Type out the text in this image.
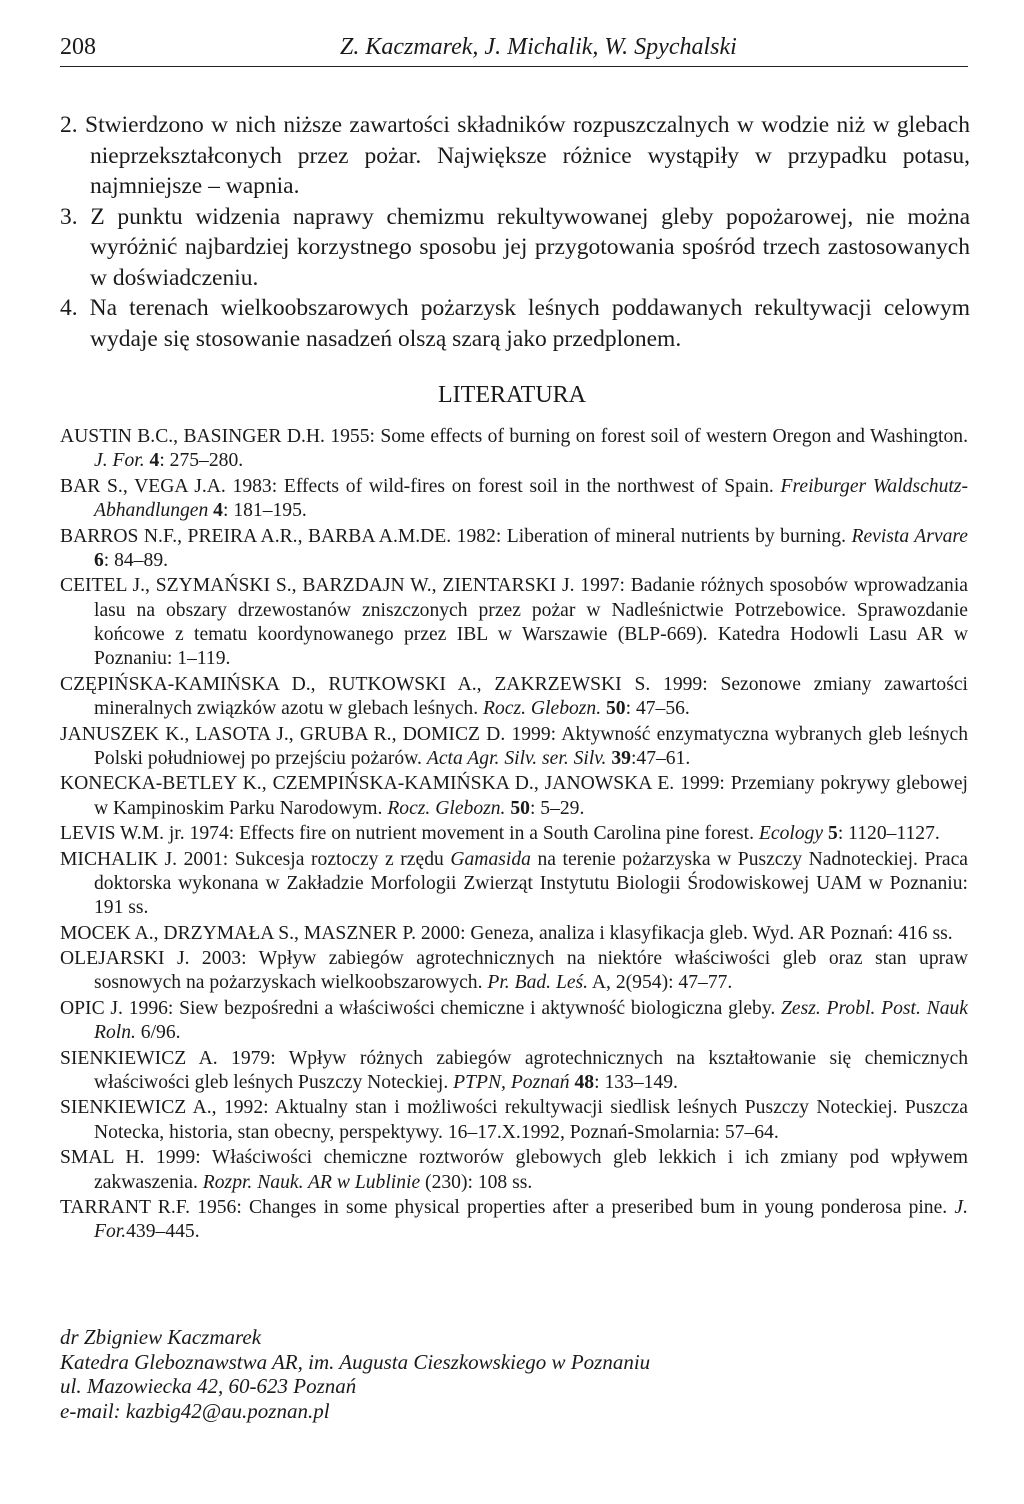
208	Z. Kaczmarek, J. Michalik, W. Spychalski

2. Stwierdzono w nich niższe zawartości składników rozpuszczalnych w wodzie niż w glebach nieprzekształconych przez pożar. Największe różnice wystąpiły w przypadku potasu, najmniejsze – wapnia.

3. Z punktu widzenia naprawy chemizmu rekultywowanej gleby popożarowej, nie można wyróżnić najbardziej korzystnego sposobu jej przygotowania spośród trzech zastosowanych w doświadczeniu.

4. Na terenach wielkoobszarowych pożarzysk leśnych poddawanych rekultywacji celowym wydaje się stosowanie nasadzeń olszą szarą jako przedplonem.

LITERATURA

AUSTIN B.C., BASINGER D.H. 1955: Some effects of burning on forest soil of western Oregon and Washington. J. For. 4: 275–280.

BAR S., VEGA J.A. 1983: Effects of wild-fires on forest soil in the northwest of Spain. Freiburger Waldschutz-Abhandlungen 4: 181–195.

BARROS N.F., PREIRA A.R., BARBA A.M.DE. 1982: Liberation of mineral nutrients by burning. Revista Arvare 6: 84–89.

CEITEL J., SZYMAŃSKI S., BARZDAJN W., ZIENTARSKI J. 1997: Badanie różnych sposobów wprowadzania lasu na obszary drzewostanów zniszczonych przez pożar w Nadleśnictwie Potrzebowice. Sprawozdanie końcowe z tematu koordynowanego przez IBL w Warszawie (BLP-669). Katedra Hodowli Lasu AR w Poznaniu: 1–119.

CZĘPIŃSKA-KAMIŃSKA D., RUTKOWSKI A., ZAKRZEWSKI S. 1999: Sezonowe zmiany zawartości mineralnych związków azotu w glebach leśnych. Rocz. Glebozn. 50: 47–56.

JANUSZEK K., LASOTA J., GRUBA R., DOMICZ D. 1999: Aktywność enzymatyczna wybranych gleb leśnych Polski południowej po przejściu pożarów. Acta Agr. Silv. ser. Silv. 39:47–61.

KONECKA-BETLEY K., CZEMPIŃSKA-KAMIŃSKA D., JANOWSKA E. 1999: Przemiany pokrywy glebowej w Kampinoskim Parku Narodowym. Rocz. Glebozn. 50: 5–29.

LEVIS W.M. jr. 1974: Effects fire on nutrient movement in a South Carolina pine forest. Ecology 5: 1120–1127.

MICHALIK J. 2001: Sukcesja roztoczy z rzędu Gamasida na terenie pożarzyska w Puszczy Nadnoteckiej. Praca doktorska wykonana w Zakładzie Morfologii Zwierząt Instytutu Biologii Środowiskowej UAM w Poznaniu: 191 ss.

MOCEK A., DRZYMAŁA S., MASZNER P. 2000: Geneza, analiza i klasyfikacja gleb. Wyd. AR Poznań: 416 ss.

OLEJARSKI J. 2003: Wpływ zabiegów agrotechnicznych na niektóre właściwości gleb oraz stan upraw sosnowych na pożarzyskach wielkoobszarowych. Pr. Bad. Leś. A, 2(954): 47–77.

OPIC J. 1996: Siew bezpośredni a właściwości chemiczne i aktywność biologiczna gleby. Zesz. Probl. Post. Nauk Roln. 6/96.

SIENKIEWICZ A. 1979: Wpływ różnych zabiegów agrotechnicznych na kształtowanie się chemicznych właściwości gleb leśnych Puszczy Noteckiej. PTPN, Poznań 48: 133–149.

SIENKIEWICZ A., 1992: Aktualny stan i możliwości rekultywacji siedlisk leśnych Puszczy Noteckiej. Puszcza Notecka, historia, stan obecny, perspektywy. 16–17.X.1992, Poznań-Smolarnia: 57–64.

SMAL H. 1999: Właściwości chemiczne roztworów glebowych gleb lekkich i ich zmiany pod wpływem zakwaszenia. Rozpr. Nauk. AR w Lublinie (230): 108 ss.

TARRANT R.F. 1956: Changes in some physical properties after a preseribed bum in young ponderosa pine. J. For.439–445.

dr Zbigniew Kaczmarek
Katedra Gleboznawstwa AR, im. Augusta Cieszkowskiego w Poznaniu
ul. Mazowiecka 42, 60-623 Poznań
e-mail: kazbig42@au.poznan.pl
